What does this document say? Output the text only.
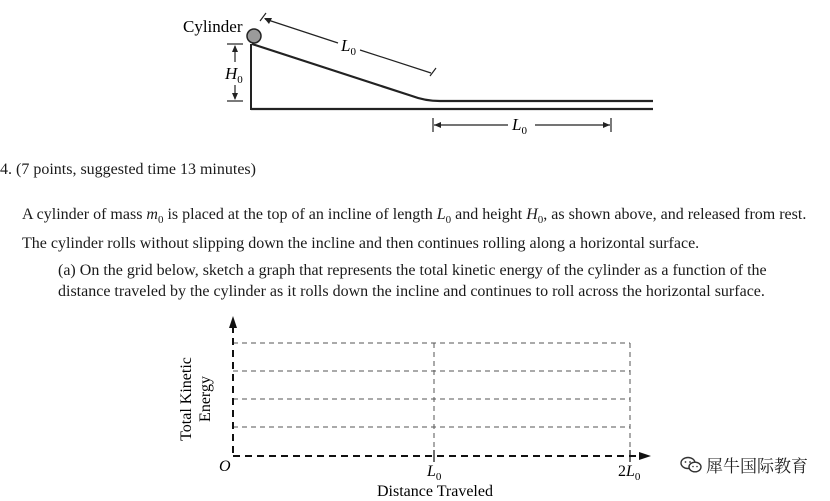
Cylinder
$H_0$
$L_0$
$L_0$
4. (7 points, suggested time 13 minutes)
A cylinder of mass $m_0$ is placed at the top of an incline of length $L_0$ and height $H_0$, as shown above, and released from rest. The cylinder rolls without slipping down the incline and then continues rolling along a horizontal surface.
(a) On the grid below, sketch a graph that represents the total kinetic energy of the cylinder as a function of the distance traveled by the cylinder as it rolls down the incline and continues to roll across the horizontal surface.
O	$L_0$	$2L_0$
Distance Traveled
Total Kinetic Energy
犀牛国际教育
